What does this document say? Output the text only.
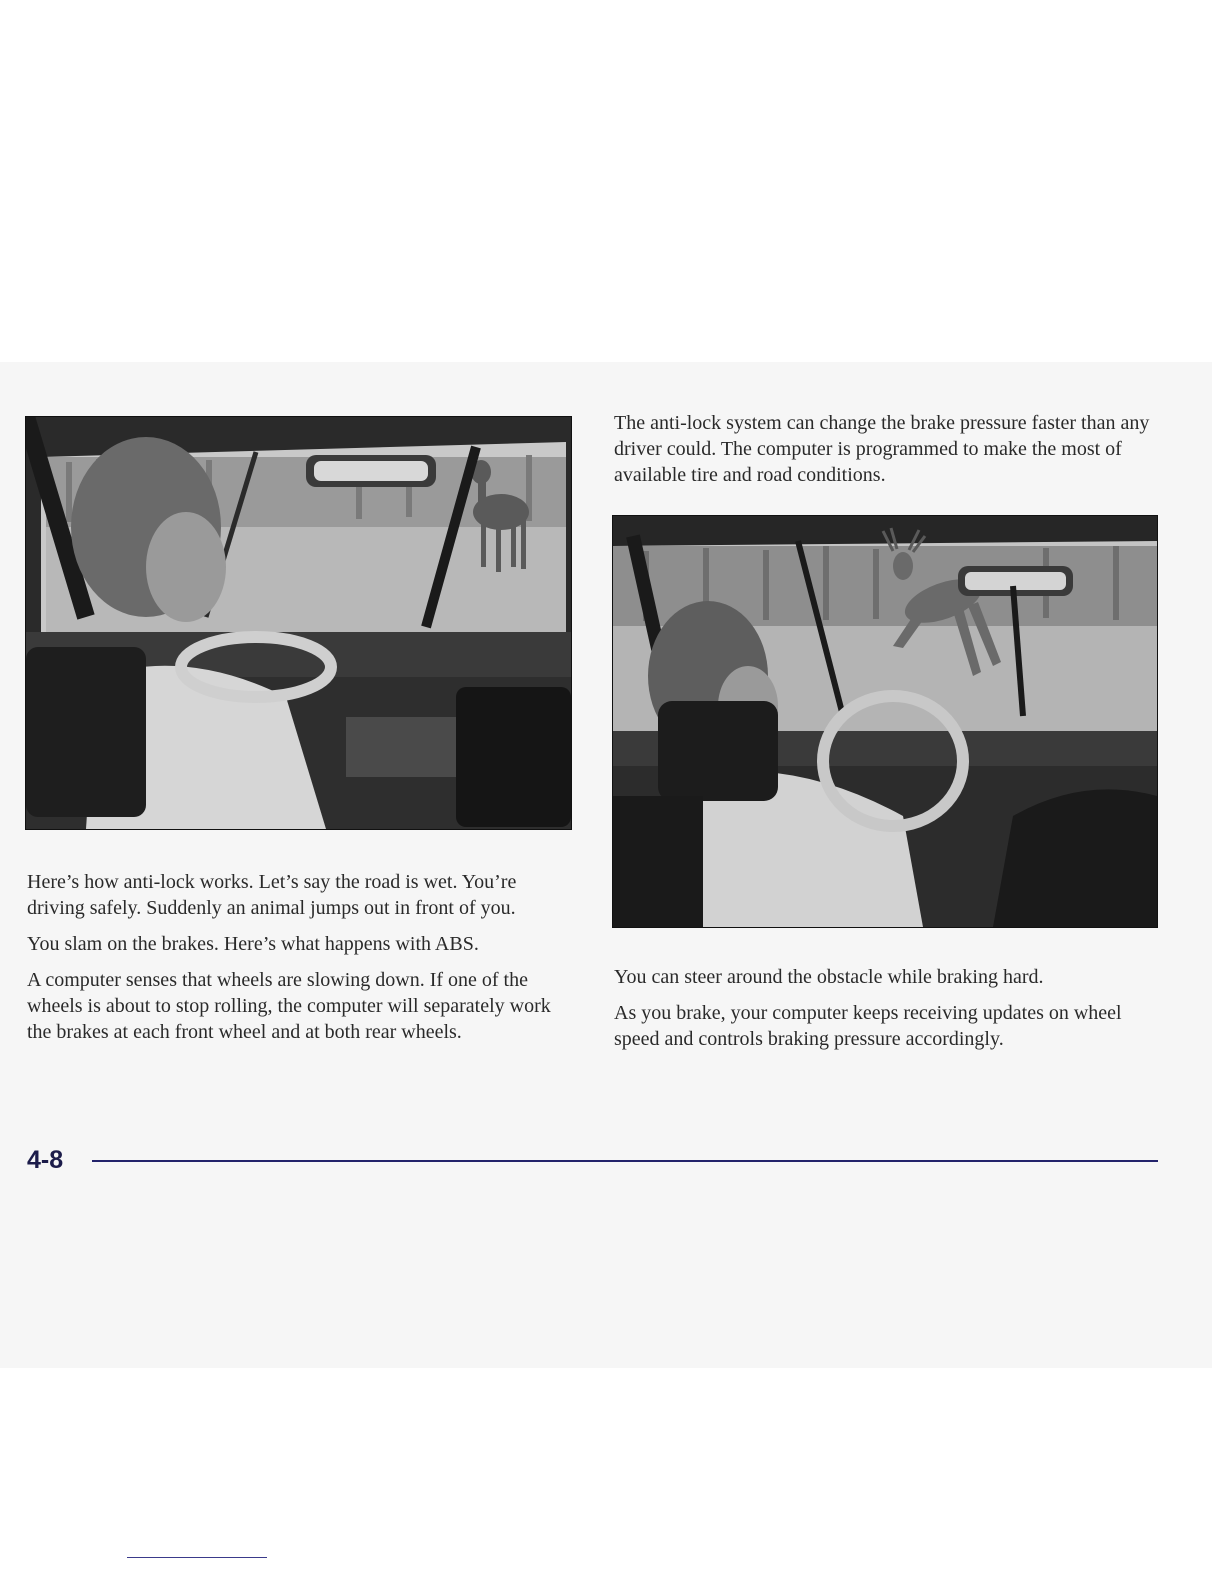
Here’s how anti-lock works. Let’s say the road is wet. You’re driving safely. Suddenly an animal jumps out in front of you.

You slam on the brakes. Here’s what happens with ABS.

A computer senses that wheels are slowing down. If one of the wheels is about to stop rolling, the computer will separately work the brakes at each front wheel and at both rear wheels.

The anti-lock system can change the brake pressure faster than any driver could. The computer is programmed to make the most of available tire and road conditions.

You can steer around the obstacle while braking hard.

As you brake, your computer keeps receiving updates on wheel speed and controls braking pressure accordingly.

4-8
